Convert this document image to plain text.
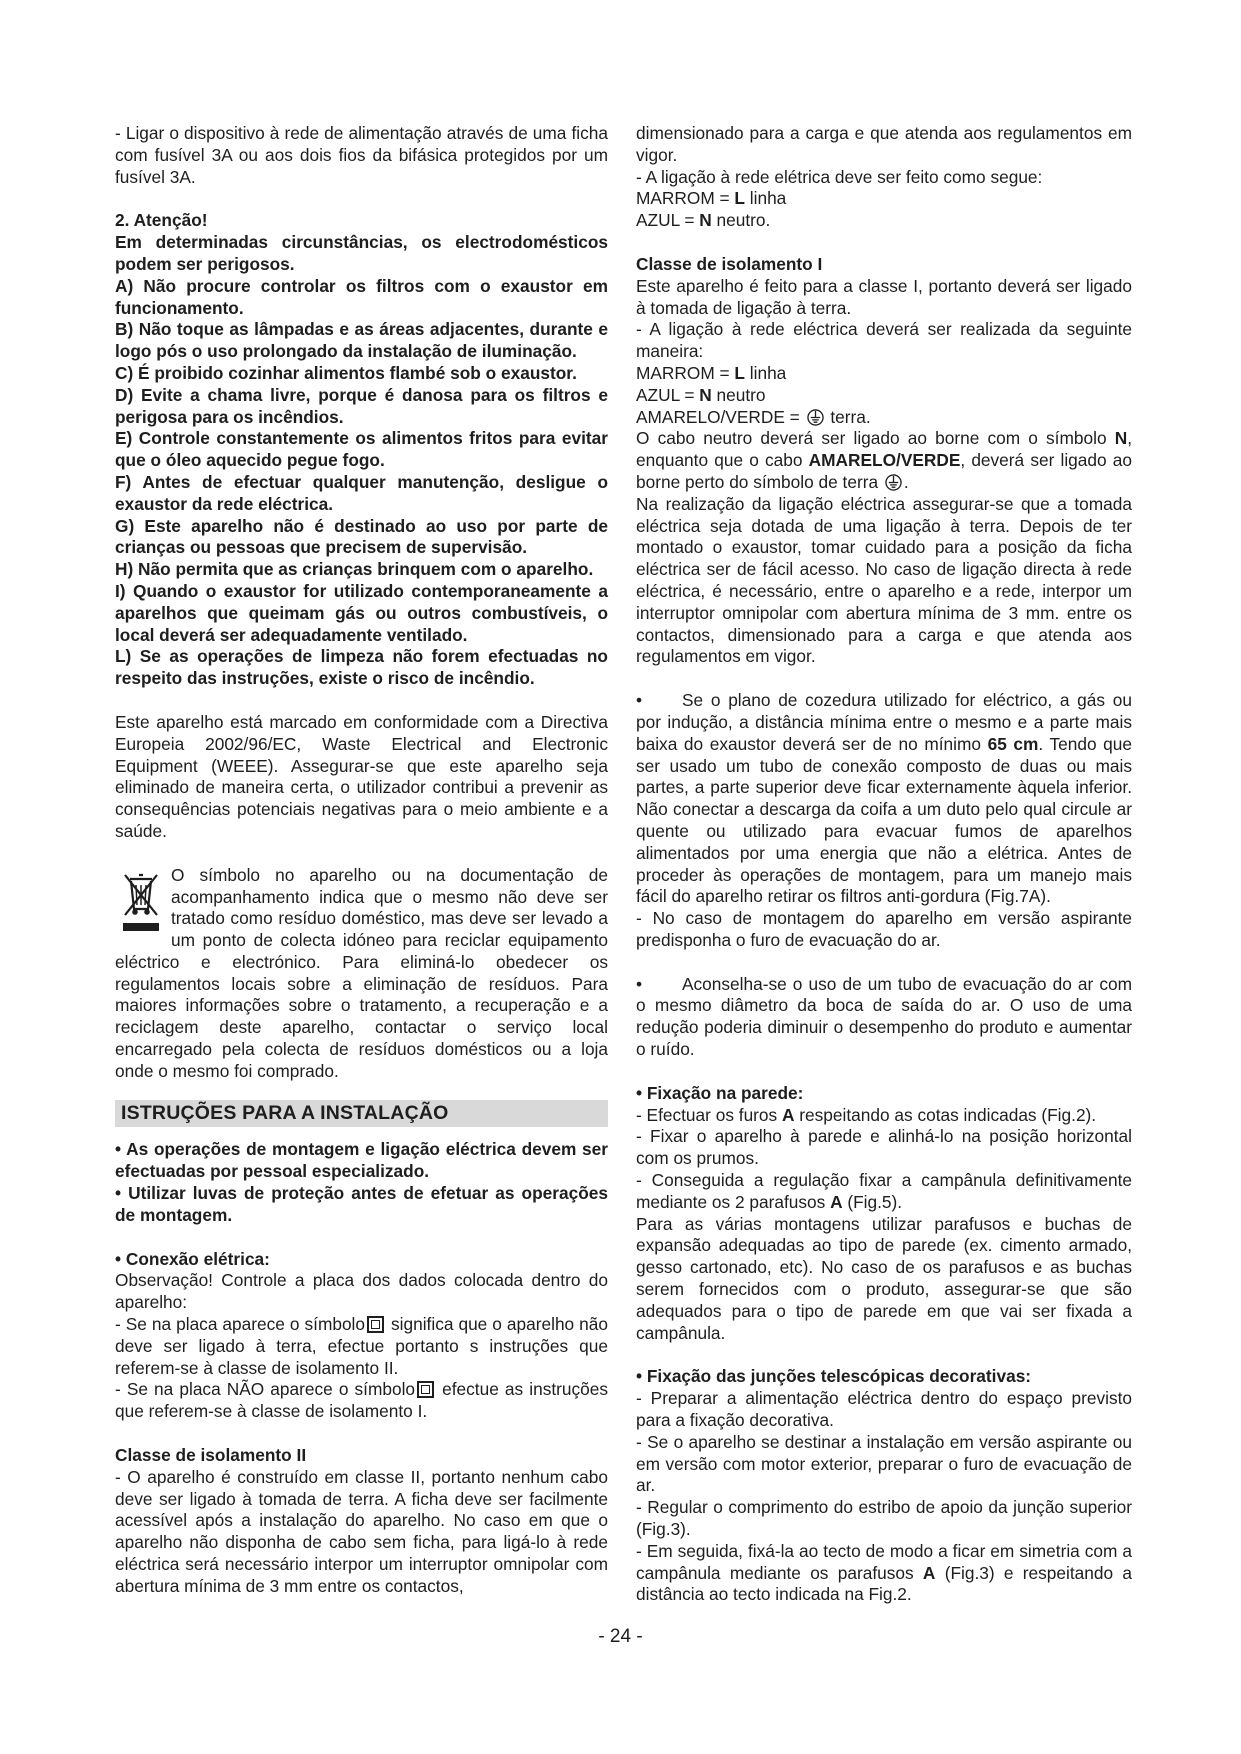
- Ligar o dispositivo à rede de alimentação através de uma ficha com fusível 3A ou aos dois fios da bifásica protegidos por um fusível 3A.

2. Atenção!

Em determinadas circunstâncias, os electrodomésticos podem ser perigosos.

A) Não procure controlar os filtros com o exaustor em funcionamento.

B) Não toque as lâmpadas e as áreas adjacentes, durante e logo pós o uso prolongado da instalação de iluminação.

C) É proibido cozinhar alimentos flambé sob o exaustor.

D) Evite a chama livre, porque é danosa para os filtros e perigosa para os incêndios.

E) Controle constantemente os alimentos fritos para evitar que o óleo aquecido pegue fogo.

F) Antes de efectuar qualquer manutenção, desligue o exaustor da rede eléctrica.

G) Este aparelho não é destinado ao uso por parte de crianças ou pessoas que precisem de supervisão.

H) Não permita que as crianças brinquem com o aparelho.

I) Quando o exaustor for utilizado contemporaneamente a aparelhos que queimam gás ou outros combustíveis, o local deverá ser adequadamente ventilado.

L) Se as operações de limpeza não forem efectuadas no respeito das instruções, existe o risco de incêndio.

Este aparelho está marcado em conformidade com a Directiva Europeia 2002/96/EC, Waste Electrical and Electronic Equipment (WEEE). Assegurar-se que este aparelho seja eliminado de maneira certa, o utilizador contribui a prevenir as consequências potenciais negativas para o meio ambiente e a saúde.

O símbolo no aparelho ou na documentação de acompanhamento indica que o mesmo não deve ser tratado como resíduo doméstico, mas deve ser levado a um ponto de colecta idóneo para reciclar equipamento eléctrico e electrónico. Para eliminá-lo obedecer os regulamentos locais sobre a eliminação de resíduos. Para maiores informações sobre o tratamento, a recuperação e a reciclagem deste aparelho, contactar o serviço local encarregado pela colecta de resíduos domésticos ou a loja onde o mesmo foi comprado.

ISTRUÇÕES PARA A INSTALAÇÃO

• As operações de montagem e ligação eléctrica devem ser efectuadas por pessoal especializado.

• Utilizar luvas de proteção antes de efetuar as operações de montagem.

• Conexão elétrica:

Observação! Controle a placa dos dados colocada dentro do aparelho:

- Se na placa aparece o símbolo significa que o aparelho não deve ser ligado à terra, efectue portanto s instruções que referem-se à classe de isolamento II.

- Se na placa NÃO aparece o símbolo efectue as instruções que referem-se à classe de isolamento I.

Classe de isolamento II

- O aparelho é construído em classe II, portanto nenhum cabo deve ser ligado à tomada de terra. A ficha deve ser facilmente acessível após a instalação do aparelho. No caso em que o aparelho não disponha de cabo sem ficha, para ligá-lo à rede eléctrica será necessário interpor um interruptor omnipolar com abertura mínima de 3 mm entre os contactos,

dimensionado para a carga e que atenda aos regulamentos em vigor.

- A ligação à rede elétrica deve ser feito como segue:

MARROM = L linha

AZUL = N neutro.

Classe de isolamento I

Este aparelho é feito para a classe I, portanto deverá ser ligado à tomada de ligação à terra.

- A ligação à rede eléctrica deverá ser realizada da seguinte maneira:

MARROM = L linha

AZUL = N neutro

AMARELO/VERDE =  terra.

O cabo neutro deverá ser ligado ao borne com o símbolo N, enquanto que o cabo AMARELO/VERDE, deverá ser ligado ao borne perto do símbolo de terra .

Na realização da ligação eléctrica assegurar-se que a tomada eléctrica seja dotada de uma ligação à terra. Depois de ter montado o exaustor, tomar cuidado para a posição da ficha eléctrica ser de fácil acesso. No caso de ligação directa à rede eléctrica, é necessário, entre o aparelho e a rede, interpor um interruptor omnipolar com abertura mínima de 3 mm. entre os contactos, dimensionado para a carga e que atenda aos regulamentos em vigor.

• Se o plano de cozedura utilizado for eléctrico, a gás ou por indução, a distância mínima entre o mesmo e a parte mais baixa do exaustor deverá ser de no mínimo 65 cm. Tendo que ser usado um tubo de conexão composto de duas ou mais partes, a parte superior deve ficar externamente àquela inferior. Não conectar a descarga da coifa a um duto pelo qual circule ar quente ou utilizado para evacuar fumos de aparelhos alimentados por uma energia que não a elétrica. Antes de proceder às operações de montagem, para um manejo mais fácil do aparelho retirar os filtros anti-gordura (Fig.7A).

- No caso de montagem do aparelho em versão aspirante predisponha o furo de evacuação do ar.

• Aconselha-se o uso de um tubo de evacuação do ar com o mesmo diâmetro da boca de saída do ar. O uso de uma redução poderia diminuir o desempenho do produto e aumentar o ruído.

• Fixação na parede:

- Efectuar os furos A respeitando as cotas indicadas (Fig.2).

- Fixar o aparelho à parede e alinhá-lo na posição horizontal com os prumos.

- Conseguida a regulação fixar a campânula definitivamente mediante os 2 parafusos A (Fig.5).

Para as várias montagens utilizar parafusos e buchas de expansão adequadas ao tipo de parede (ex. cimento armado, gesso cartonado, etc). No caso de os parafusos e as buchas serem fornecidos com o produto, assegurar-se que são adequados para o tipo de parede em que vai ser fixada a campânula.

• Fixação das junções telescópicas decorativas:

- Preparar a alimentação eléctrica dentro do espaço previsto para a fixação decorativa.

- Se o aparelho se destinar a instalação em versão aspirante ou em versão com motor exterior, preparar o furo de evacuação de ar.

- Regular o comprimento do estribo de apoio da junção superior (Fig.3).

- Em seguida, fixá-la ao tecto de modo a ficar em simetria com a campânula mediante os parafusos A (Fig.3) e respeitando a distância ao tecto indicada na Fig.2.

- 24 -
